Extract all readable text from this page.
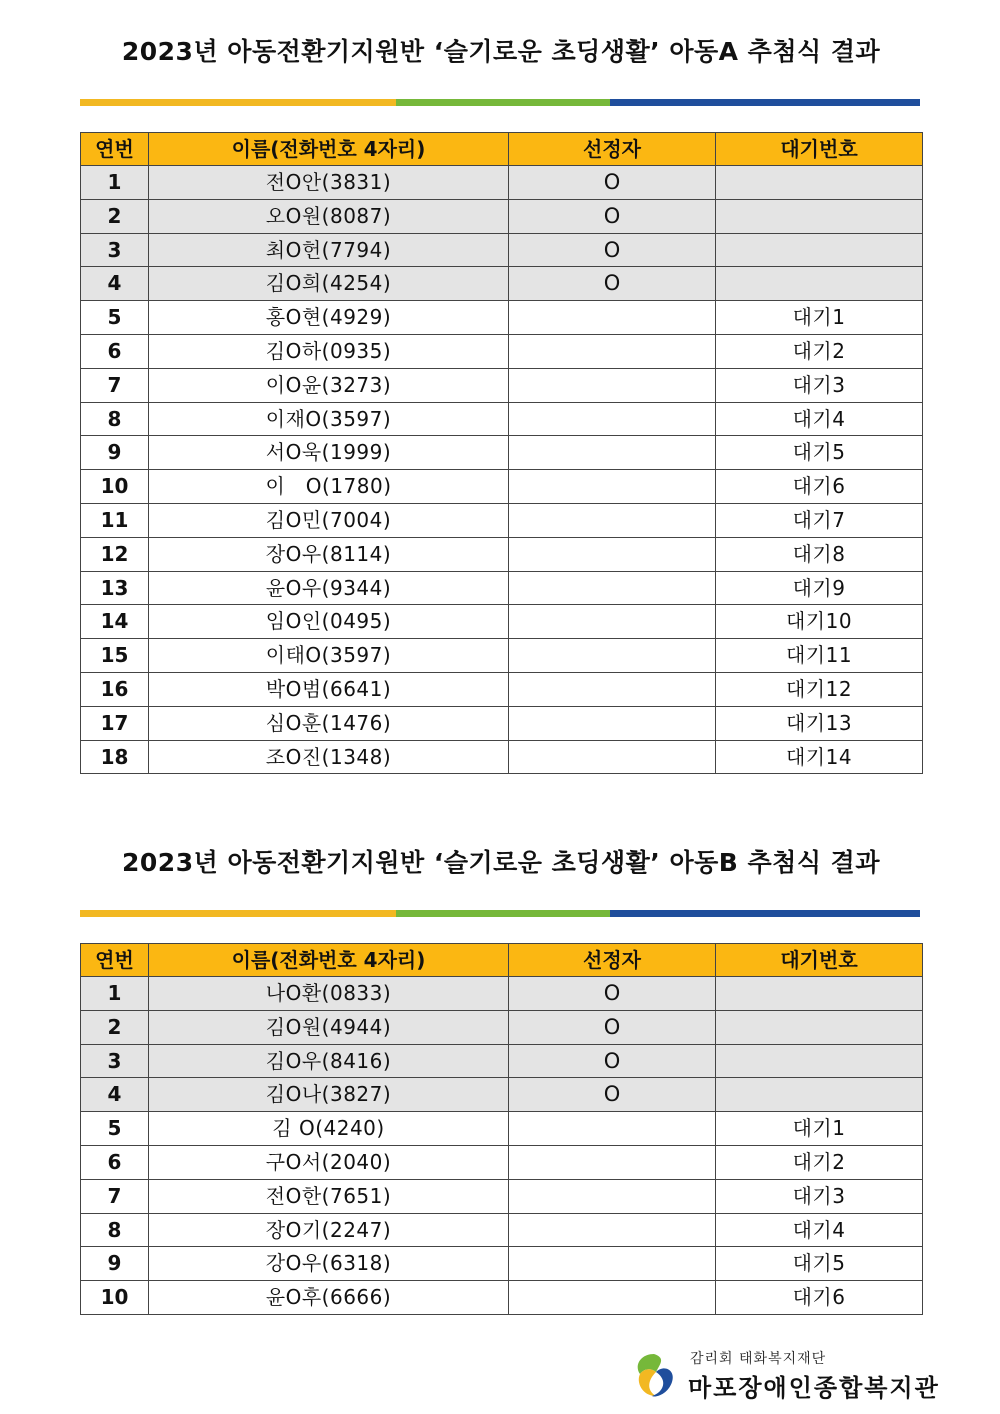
2023년 아동전환기지원반 ‘슬기로운 초딩생활’ 아동A 추첨식 결과
연번	이름(전화번호 4자리)	선정자	대기번호
1	전O안(3831)	O	
2	오O원(8087)	O	
3	최O헌(7794)	O	
4	김O희(4254)	O	
5	홍O현(4929)		대기1
6	김O하(0935)		대기2
7	이O윤(3273)		대기3
8	이재O(3597)		대기4
9	서O욱(1999)		대기5
10	이　O(1780)		대기6
11	김O민(7004)		대기7
12	장O우(8114)		대기8
13	윤O우(9344)		대기9
14	임O인(0495)		대기10
15	이태O(3597)		대기11
16	박O범(6641)		대기12
17	심O훈(1476)		대기13
18	조O진(1348)		대기14
2023년 아동전환기지원반 ‘슬기로운 초딩생활’ 아동B 추첨식 결과
연번	이름(전화번호 4자리)	선정자	대기번호
1	나O환(0833)	O	
2	김O원(4944)	O	
3	김O우(8416)	O	
4	김O나(3827)	O	
5	김 O(4240)		대기1
6	구O서(2040)		대기2
7	전O한(7651)		대기3
8	장O기(2247)		대기4
9	강O우(6318)		대기5
10	윤O후(6666)		대기6
감리회 태화복지재단
마포장애인종합복지관
